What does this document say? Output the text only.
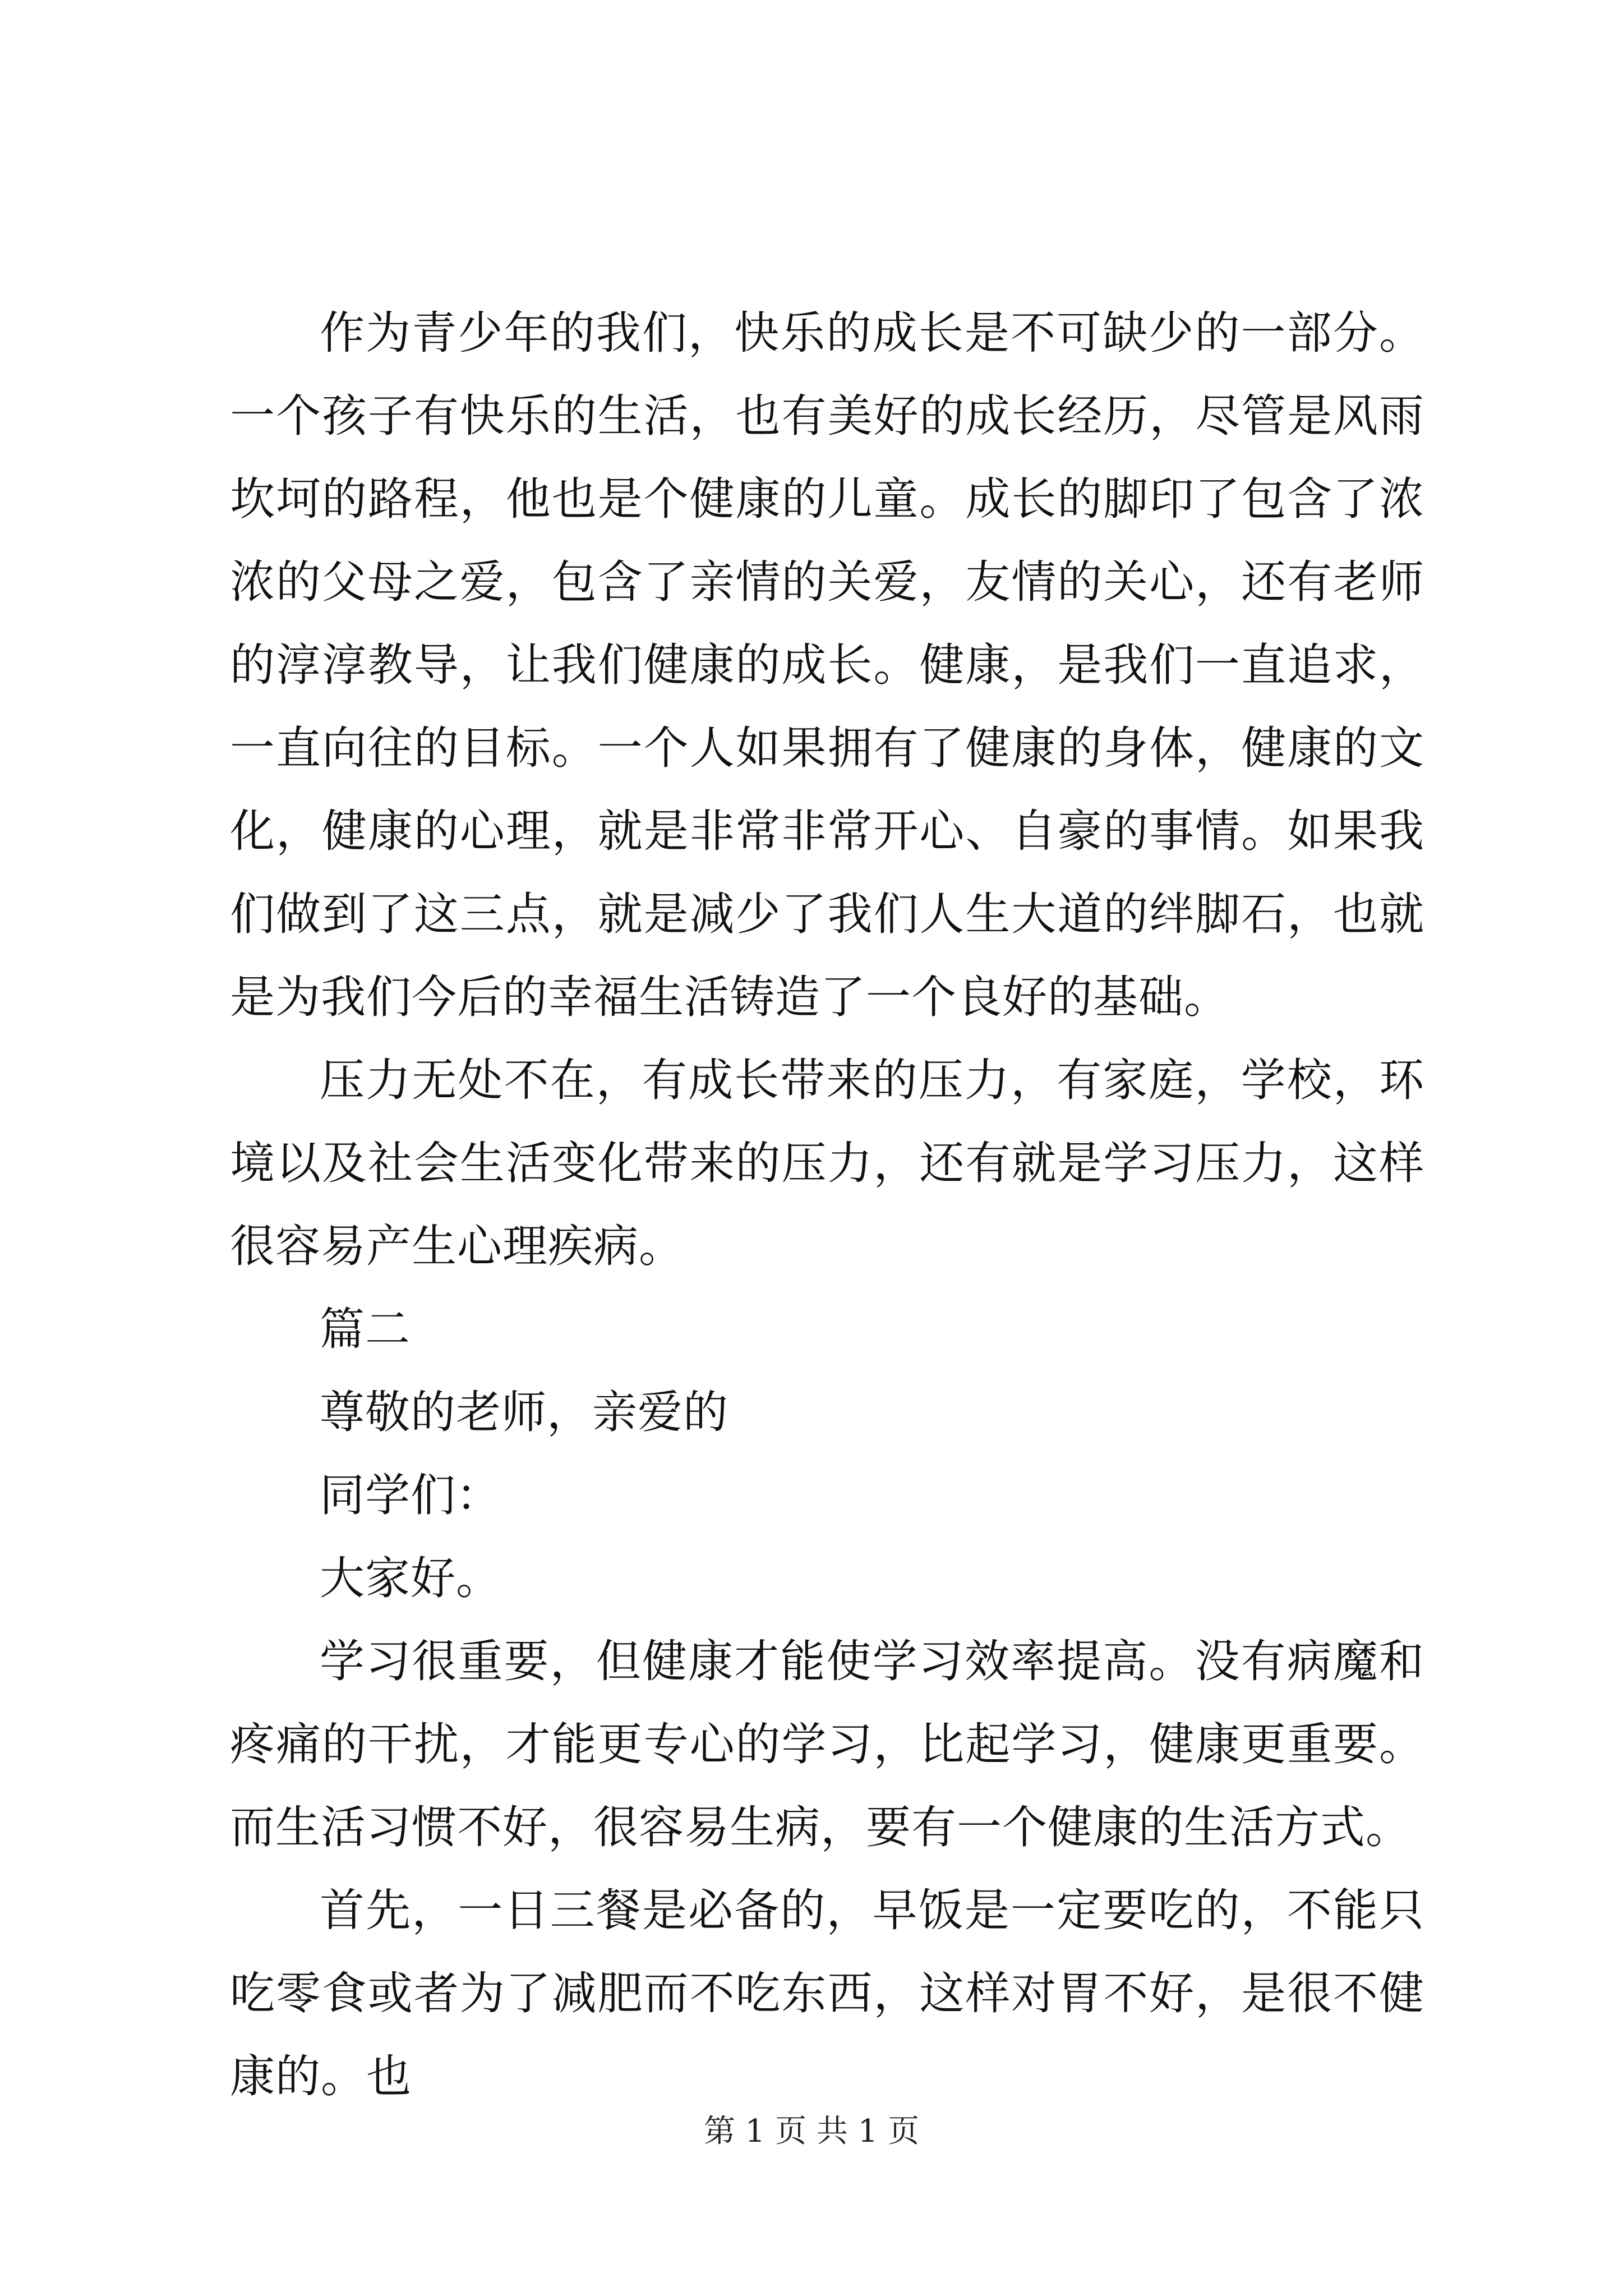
作为青少年的我们，快乐的成长是不可缺少的一部分。一个孩子有快乐的生活，也有美好的成长经历，尽管是风雨坎坷的路程，他也是个健康的儿童。成长的脚印了包含了浓浓的父母之爱，包含了亲情的关爱，友情的关心，还有老师的淳淳教导，让我们健康的成长。健康，是我们一直追求，一直向往的目标。一个人如果拥有了健康的身体，健康的文化，健康的心理，就是非常非常开心、自豪的事情。如果我们做到了这三点，就是减少了我们人生大道的绊脚石，也就是为我们今后的幸福生活铸造了一个良好的基础。

压力无处不在，有成长带来的压力，有家庭，学校，环境以及社会生活变化带来的压力，还有就是学习压力，这样很容易产生心理疾病。

篇二

尊敬的老师，亲爱的

同学们：

大家好。

学习很重要，但健康才能使学习效率提高。没有病魔和疼痛的干扰，才能更专心的学习，比起学习，健康更重要。而生活习惯不好，很容易生病，要有一个健康的生活方式。

首先，一日三餐是必备的，早饭是一定要吃的，不能只吃零食或者为了减肥而不吃东西，这样对胃不好，是很不健康的。也

第 1 页 共 1 页
